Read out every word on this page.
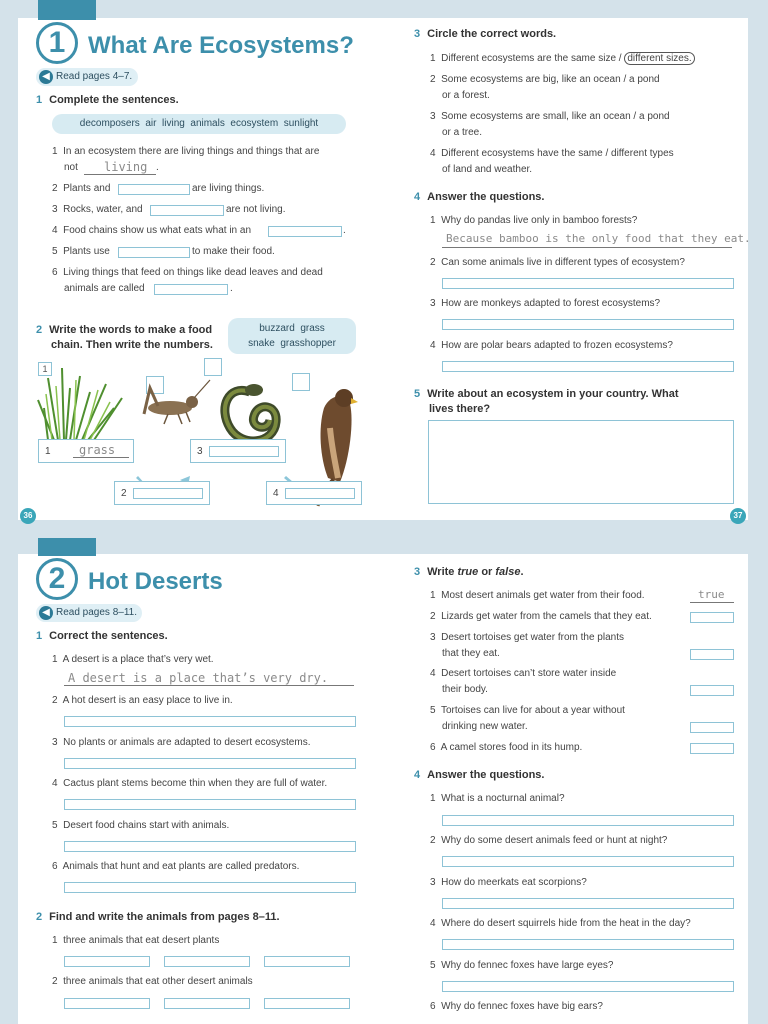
1 What Are Ecosystems?
◀ Read pages 4–7.
1 Complete the sentences.
decomposers  air  living  animals  ecosystem  sunlight
1 In an ecosystem there are living things and things that are
not living .
2 Plants and	are living things.
3 Rocks, water, and	are not living.
4 Food chains show us what eats what in an	.
5 Plants use	to make their food.
6 Living things that feed on things like dead leaves and dead
animals are called	.
2 Write the words to make a food
chain. Then write the numbers.
buzzard  grass
snake  grasshopper
1
1 grass
2
3
4
36	37
3 Circle the correct words.
1 Different ecosystems are the same size / different sizes.
2 Some ecosystems are big, like an ocean / a pond
or a forest.
3 Some ecosystems are small, like an ocean / a pond
or a tree.
4 Different ecosystems have the same / different types
of land and weather.
4 Answer the questions.
1 Why do pandas live only in bamboo forests?
Because bamboo is the only food that they eat.
2 Can some animals live in different types of ecosystem?
3 How are monkeys adapted to forest ecosystems?
4 How are polar bears adapted to frozen ecosystems?
5 Write about an ecosystem in your country. What
lives there?
2 Hot Deserts
◀ Read pages 8–11.
1 Correct the sentences.
1 A desert is a place that’s very wet.
A desert is a place that’s very dry.
2 A hot desert is an easy place to live in.
3 No plants or animals are adapted to desert ecosystems.
4 Cactus plant stems become thin when they are full of water.
5 Desert food chains start with animals.
6 Animals that hunt and eat plants are called predators.
2 Find and write the animals from pages 8–11.
1 three animals that eat desert plants
2 three animals that eat other desert animals
3 Write true or false.
1 Most desert animals get water from their food.	true
2 Lizards get water from the camels that they eat.
3 Desert tortoises get water from the plants
that they eat.
4 Desert tortoises can’t store water inside
their body.
5 Tortoises can live for about a year without
drinking new water.
6 A camel stores food in its hump.
4 Answer the questions.
1 What is a nocturnal animal?
2 Why do some desert animals feed or hunt at night?
3 How do meerkats eat scorpions?
4 Where do desert squirrels hide from the heat in the day?
5 Why do fennec foxes have large eyes?
6 Why do fennec foxes have big ears?
